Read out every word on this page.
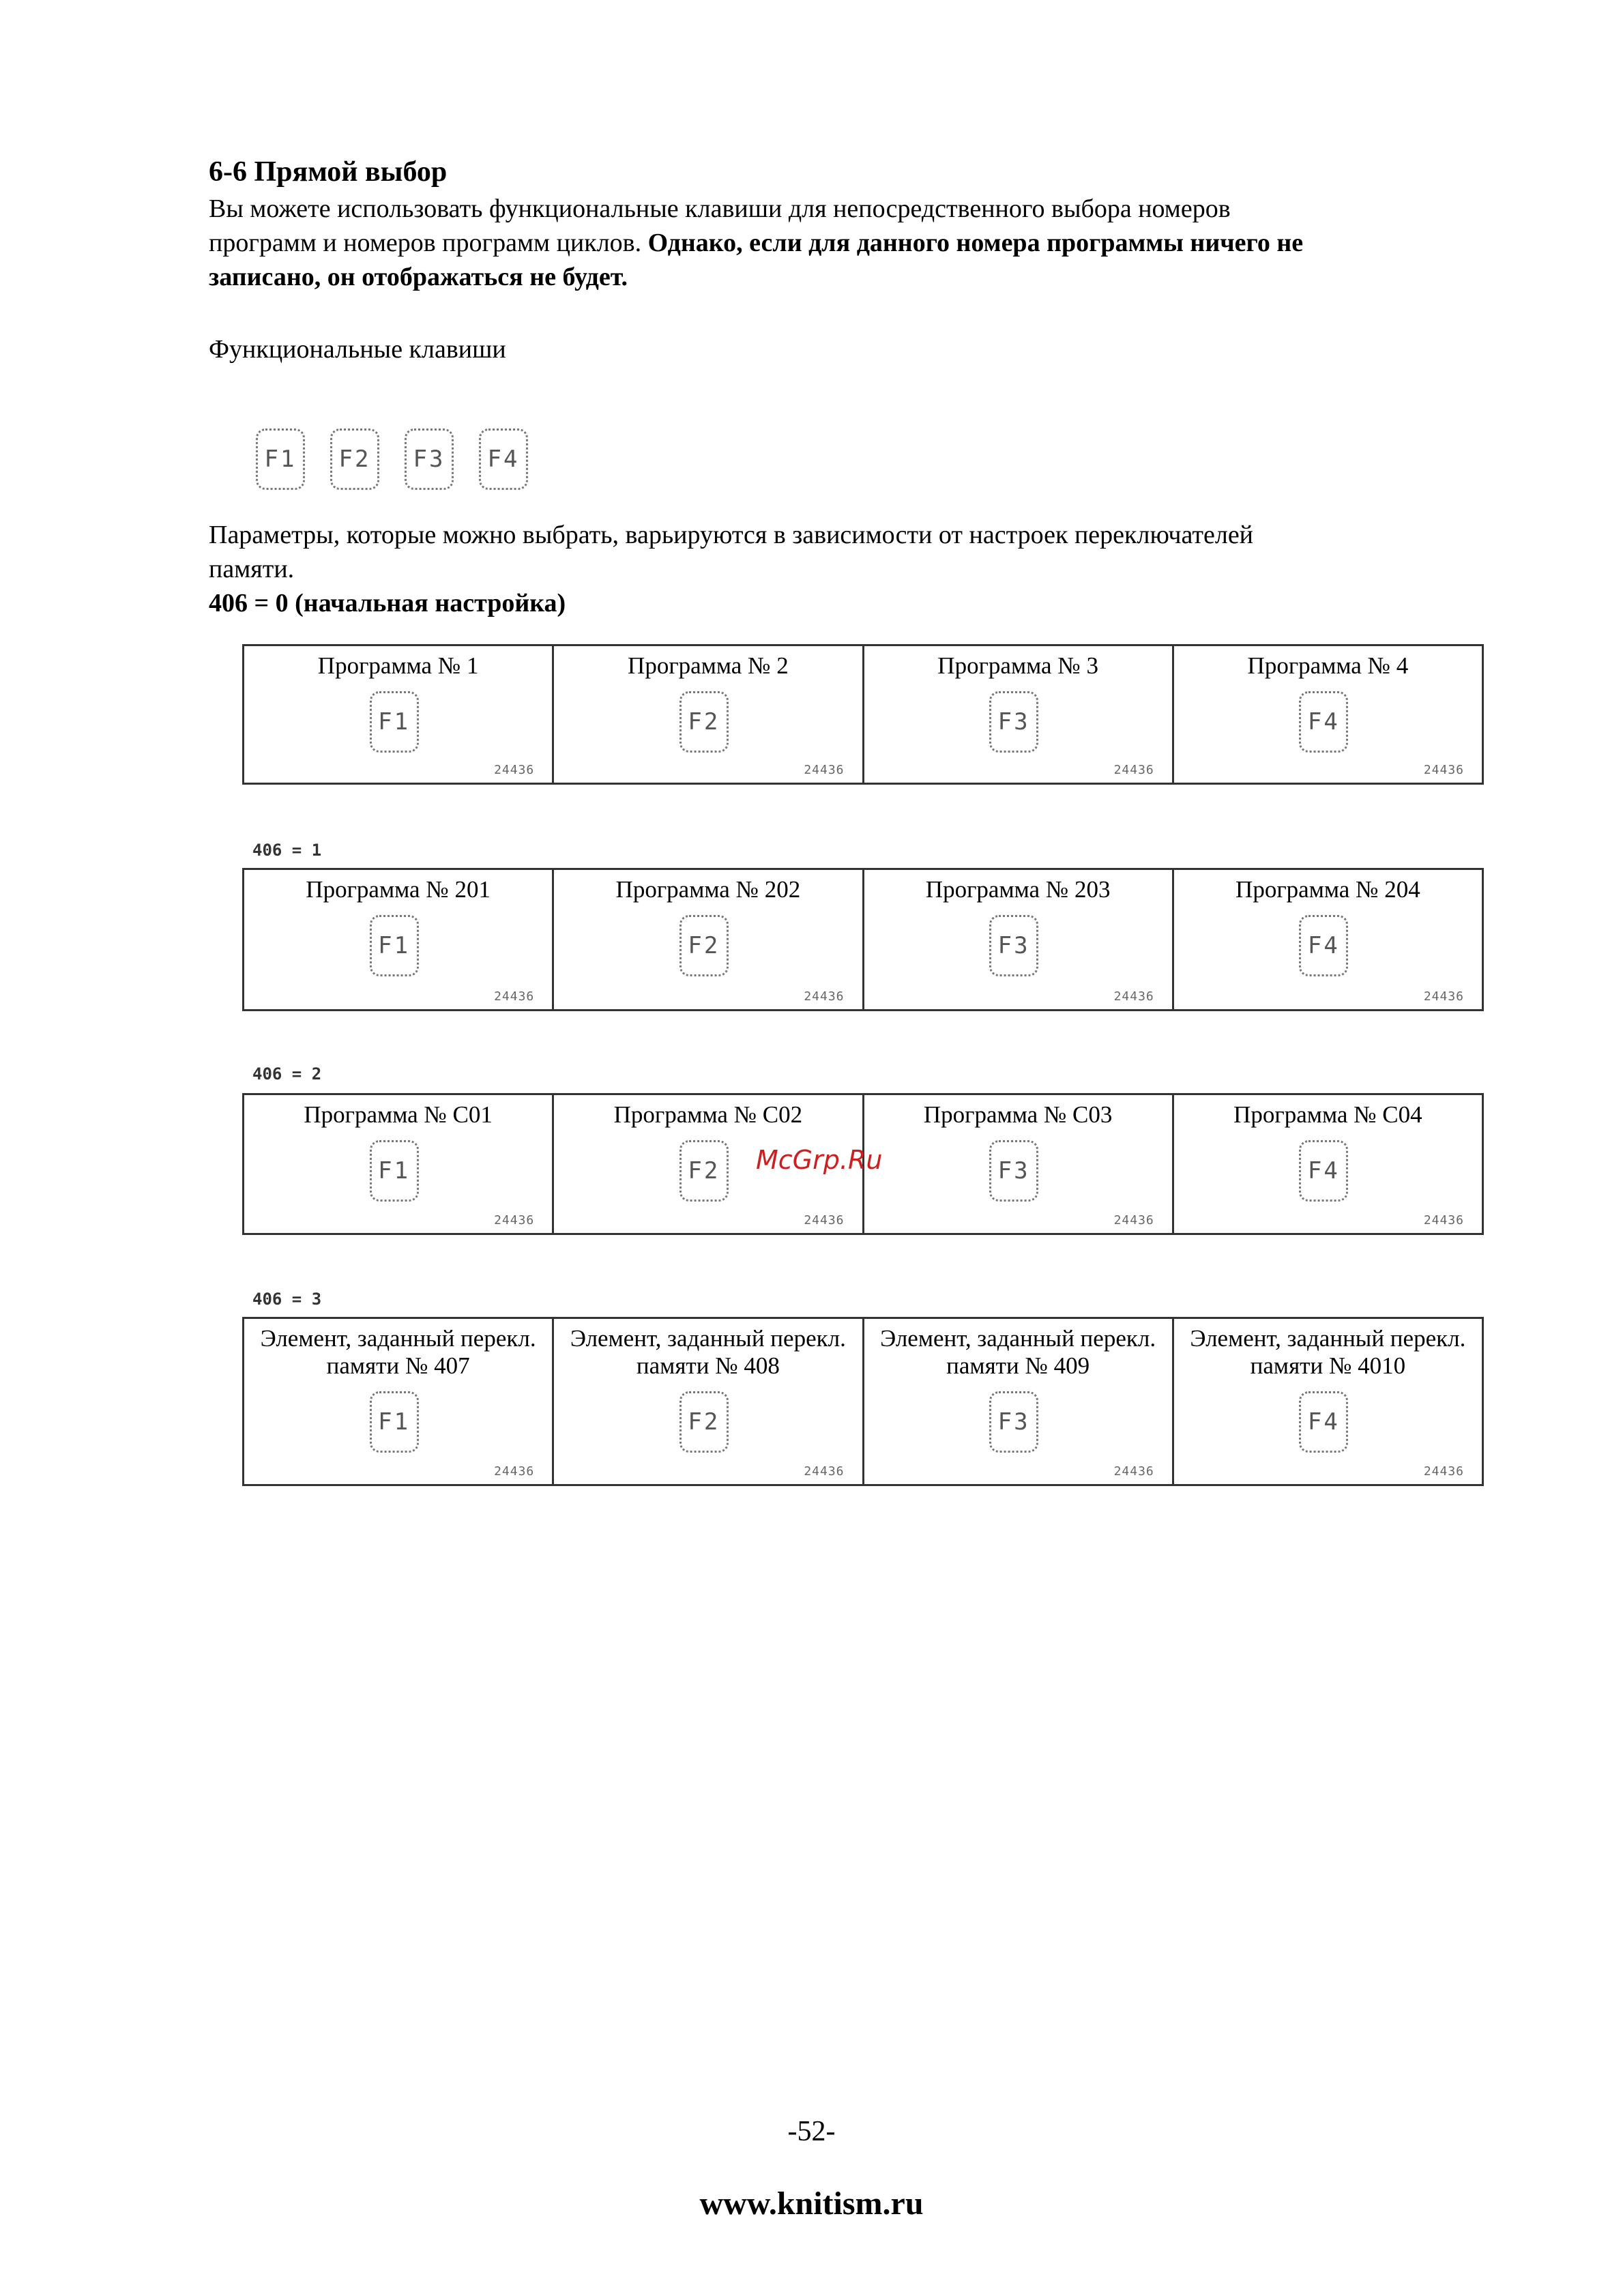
6-6 Прямой выбор
Вы можете использовать функциональные клавиши для непосредственного выбора номеров
программ и номеров программ циклов. Однако, если для данного номера программы ничего не
записано, он отображаться не будет.
Функциональные клавиши
F1	F2	F3	F4
Параметры, которые можно выбрать, варьируются в зависимости от настроек переключателей
памяти.
406 = 0 (начальная настройка)
Программа № 1
F1
24436
Программа № 2
F2
24436
Программа № 3
F3
24436
Программа № 4
F4
24436
406 = 1
Программа № 201
F1
24436
Программа № 202
F2
24436
Программа № 203
F3
24436
Программа № 204
F4
24436
406 = 2
Программа № C01
F1
24436
Программа № C02
F2
24436
Программа № C03
F3
24436
Программа № C04
F4
24436
McGrp.Ru
406 = 3
Элемент, заданный перекл.
памяти № 407
F1
24436
Элемент, заданный перекл.
памяти № 408
F2
24436
Элемент, заданный перекл.
памяти № 409
F3
24436
Элемент, заданный перекл.
памяти № 4010
F4
24436
-52-
www.knitism.ru
